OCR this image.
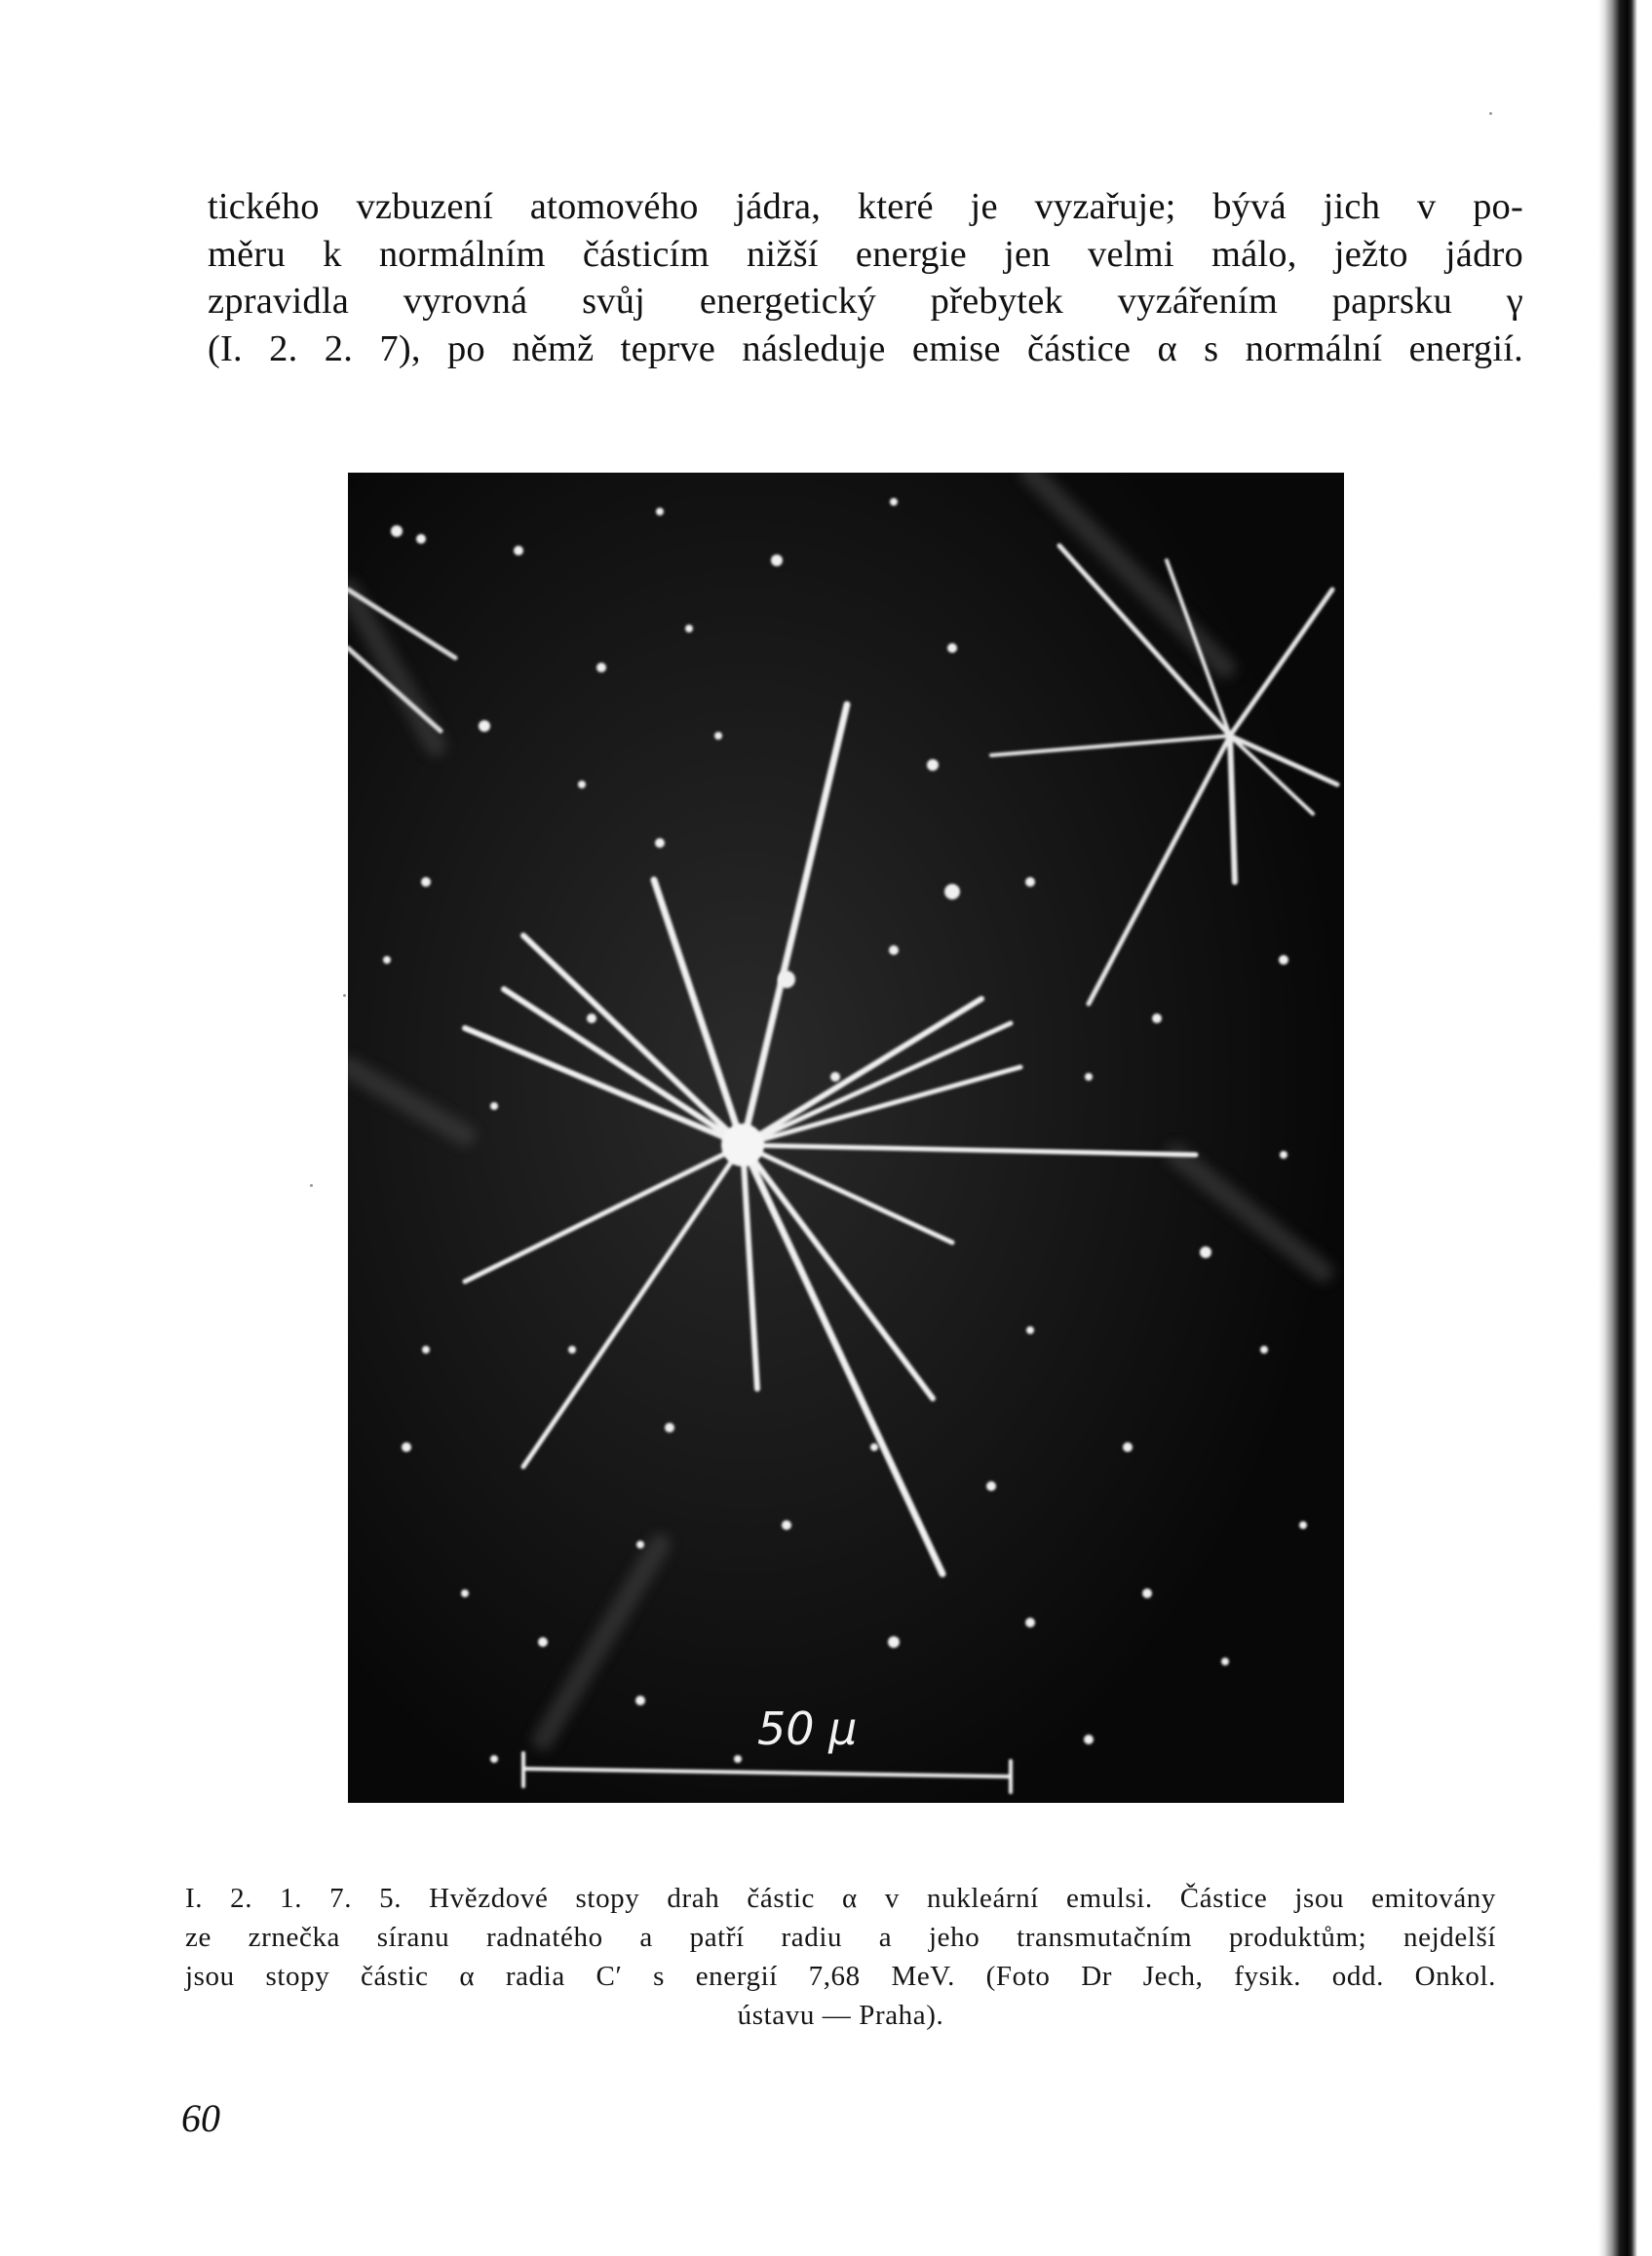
tického vzbuzení atomového jádra, které je vyzařuje; bývá jich v po-
měru k normálním částicím nižší energie jen velmi málo, ježto jádro
zpravidla vyrovná svůj energetický přebytek vyzářením paprsku γ
(I. 2. 2. 7), po němž teprve následuje emise částice α s normální energií.
50 μ
I. 2. 1. 7. 5. Hvězdové stopy drah částic α v nukleární emulsi. Částice jsou emitovány
ze zrnečka síranu radnatého a patří radiu a jeho transmutačním produktům; nejdelší
jsou stopy částic α radia C′ s energií 7,68 MeV. (Foto Dr Jech, fysik. odd. Onkol.
ústavu — Praha).
60
